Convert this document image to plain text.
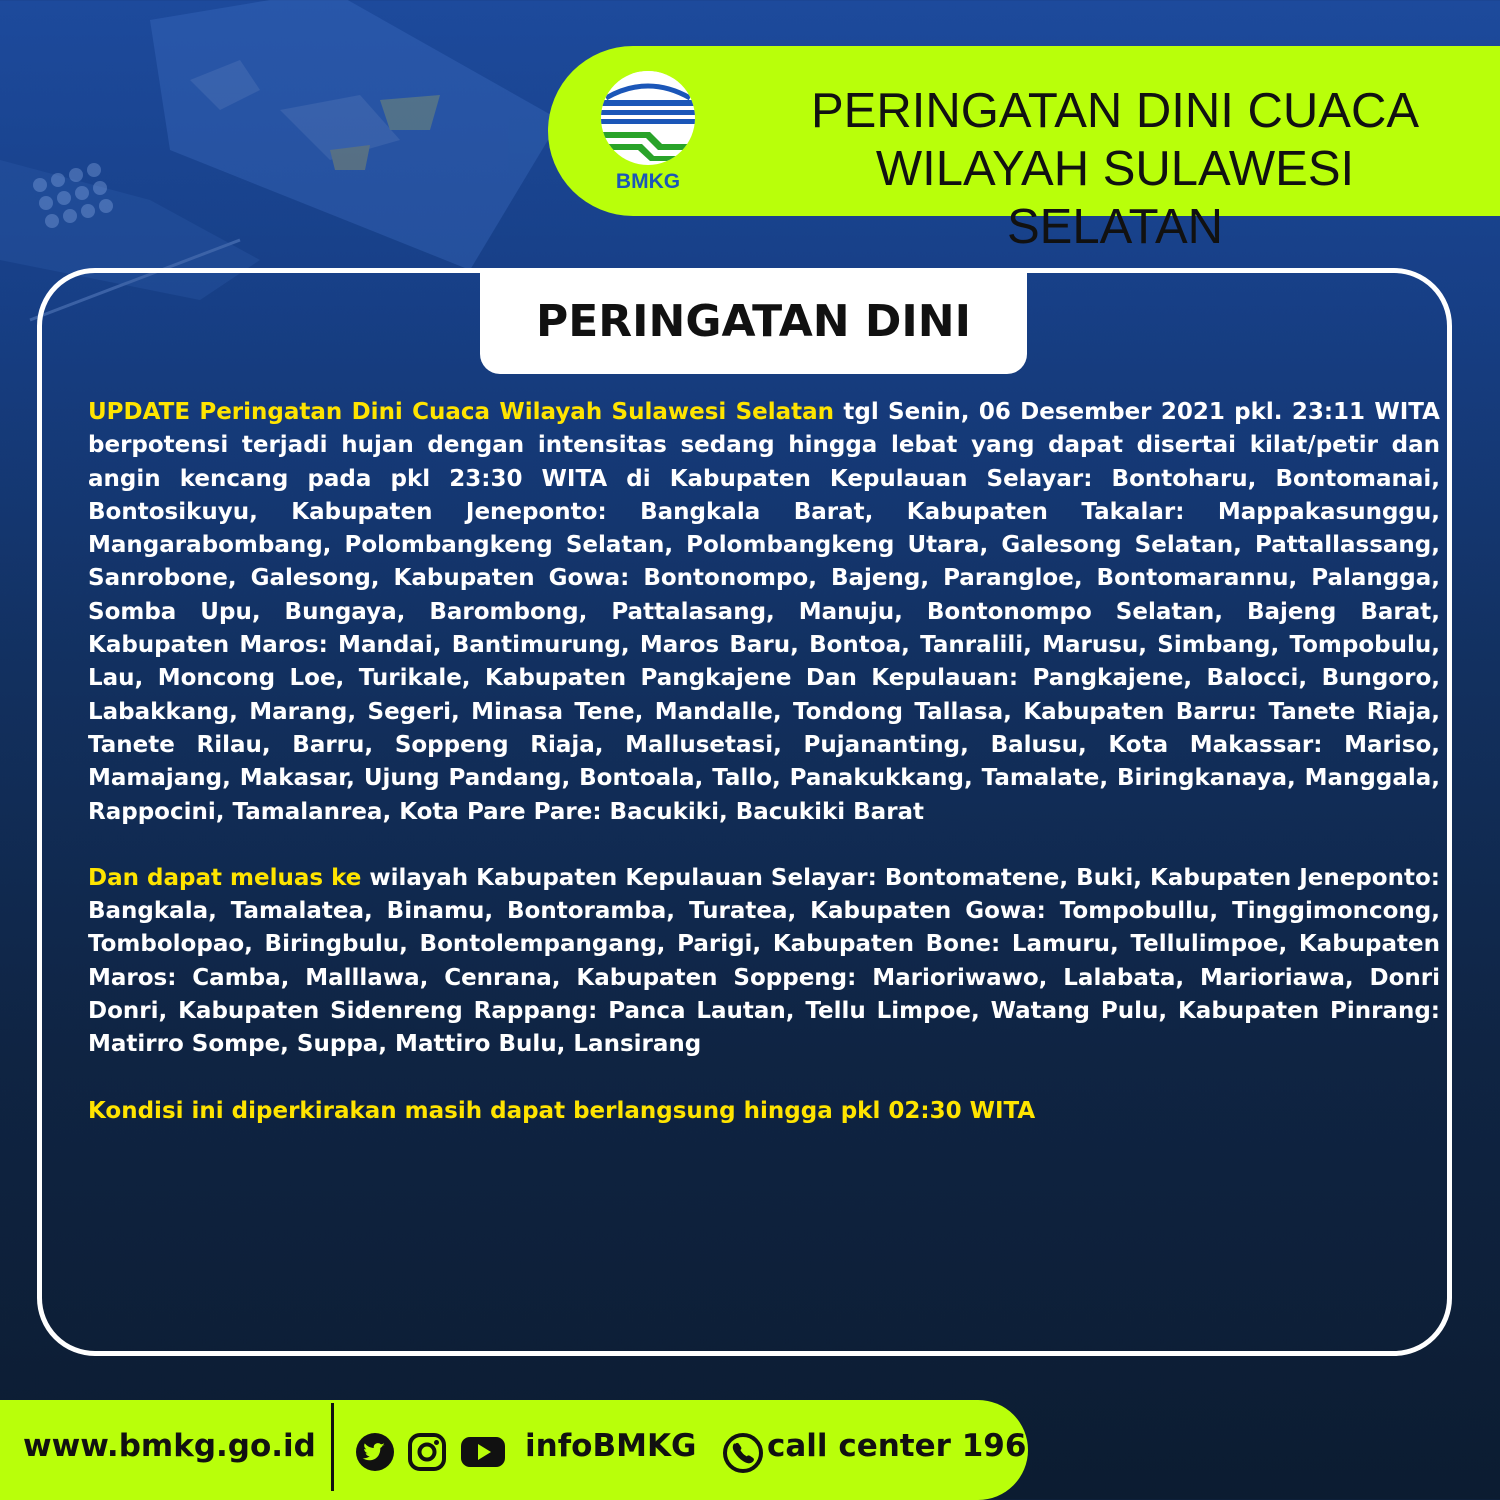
BMKG
PERINGATAN DINI CUACA
WILAYAH SULAWESI SELATAN
PERINGATAN DINI

UPDATE Peringatan Dini Cuaca Wilayah Sulawesi Selatan tgl Senin, 06 Desember 2021 pkl. 23:11 WITA berpotensi terjadi hujan dengan intensitas sedang hingga lebat yang dapat disertai kilat/petir dan angin kencang pada pkl 23:30 WITA di Kabupaten Kepulauan Selayar: Bontoharu, Bontomanai, Bontosikuyu, Kabupaten Jeneponto: Bangkala Barat, Kabupaten Takalar: Mappakasunggu, Mangarabombang, Polombangkeng Selatan, Polombangkeng Utara, Galesong Selatan, Pattallassang, Sanrobone, Galesong, Kabupaten Gowa: Bontonompo, Bajeng, Parangloe, Bontomarannu, Palangga, Somba Upu, Bungaya, Barombong, Pattalasang, Manuju, Bontonompo Selatan, Bajeng Barat, Kabupaten Maros: Mandai, Bantimurung, Maros Baru, Bontoa, Tanralili, Marusu, Simbang, Tompobulu, Lau, Moncong Loe, Turikale, Kabupaten Pangkajene Dan Kepulauan: Pangkajene, Balocci, Bungoro, Labakkang, Marang, Segeri, Minasa Tene, Mandalle, Tondong Tallasa, Kabupaten Barru: Tanete Riaja, Tanete Rilau, Barru, Soppeng Riaja, Mallusetasi, Pujananting, Balusu, Kota Makassar: Mariso, Mamajang, Makasar, Ujung Pandang, Bontoala, Tallo, Panakukkang, Tamalate, Biringkanaya, Manggala, Rappocini, Tamalanrea, Kota Pare Pare: Bacukiki, Bacukiki Barat

Dan dapat meluas ke wilayah Kabupaten Kepulauan Selayar: Bontomatene, Buki, Kabupaten Jeneponto: Bangkala, Tamalatea, Binamu, Bontoramba, Turatea, Kabupaten Gowa: Tompobullu, Tinggimoncong, Tombolopao, Biringbulu, Bontolempangang, Parigi, Kabupaten Bone: Lamuru, Tellulimpoe, Kabupaten Maros: Camba, Malllawa, Cenrana, Kabupaten Soppeng: Marioriwawo, Lalabata, Marioriawa, Donri Donri, Kabupaten Sidenreng Rappang: Panca Lautan, Tellu Limpoe, Watang Pulu, Kabupaten Pinrang: Matirro Sompe, Suppa, Mattiro Bulu, Lansirang

Kondisi ini diperkirakan masih dapat berlangsung hingga pkl 02:30 WITA

www.bmkg.go.id	infoBMKG call center 196
